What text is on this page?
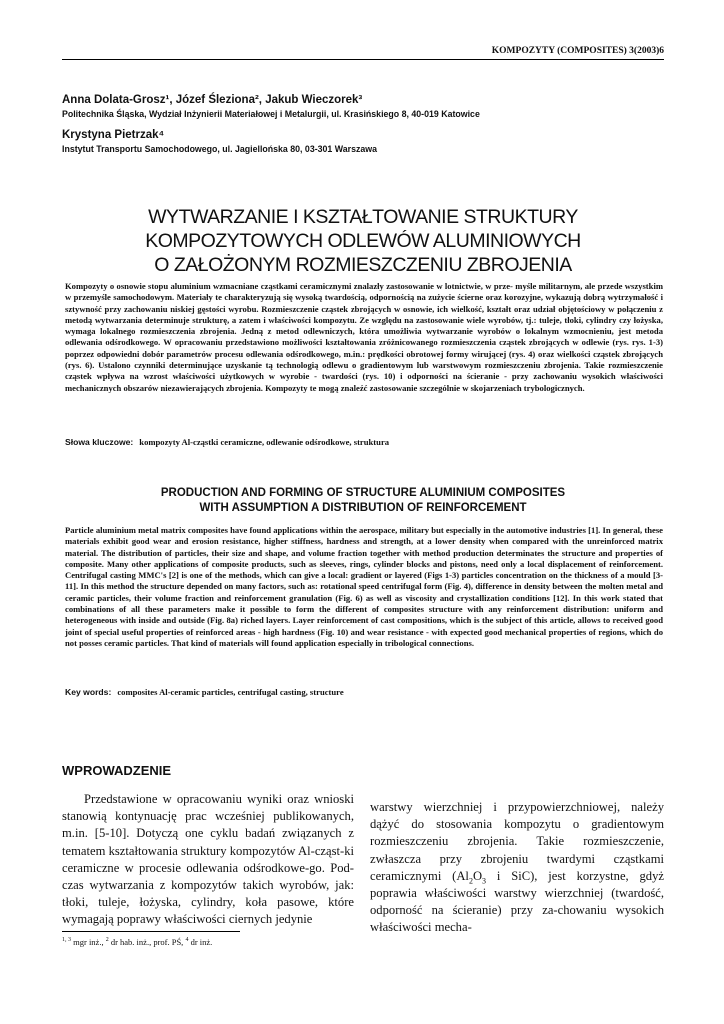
KOMPOZYTY (COMPOSITES) 3(2003)6

Anna Dolata-Grosz¹, Józef Śleziona², Jakub Wieczorek³

Politechnika Śląska, Wydział Inżynierii Materiałowej i Metalurgii, ul. Krasińskiego 8, 40-019 Katowice

Krystyna Pietrzak⁴

Instytut Transportu Samochodowego, ul. Jagiellońska 80, 03-301 Warszawa

WYTWARZANIE I KSZTAŁTOWANIE STRUKTURY
KOMPOZYTOWYCH ODLEWÓW ALUMINIOWYCH
O ZAŁOŻONYM ROZMIESZCZENIU ZBROJENIA

Kompozyty o osnowie stopu aluminium wzmacniane cząstkami ceramicznymi znalazły zastosowanie w lotnictwie, w prze- myśle militarnym, ale przede wszystkim w przemyśle samochodowym. Materiały te charakteryzują się wysoką twardością, odpornością na zużycie ścierne oraz korozyjne, wykazują dobrą wytrzymałość i sztywność przy zachowaniu niskiej gęstości wyrobu. Rozmieszczenie cząstek zbrojących w osnowie, ich wielkość, kształt oraz udział objętościowy w połączeniu z metodą wytwarzania determinuje strukturę, a zatem i właściwości kompozytu. Ze względu na zastosowanie wiele wyrobów, tj.: tuleje, tłoki, cylindry czy łożyska, wymaga lokalnego rozmieszczenia zbrojenia. Jedną z metod odlewniczych, która umożliwia wytwarzanie wyrobów o lokalnym wzmocnieniu, jest metoda odlewania odśrodkowego. W opracowaniu przedstawiono możliwości kształtowania zróżnicowanego rozmieszczenia cząstek zbrojących w odlewie (rys. rys. 1-3) poprzez odpowiedni dobór parametrów procesu odlewania odśrodkowego, m.in.: prędkości obrotowej formy wirującej (rys. 4) oraz wielkości cząstek zbrojących (rys. 6). Ustalono czynniki determinujące uzyskanie tą technologią odlewu o gradientowym lub warstwowym rozmieszczeniu zbrojenia. Takie rozmieszczenie cząstek wpływa na wzrost właściwości użytkowych w wyrobie - twardości (rys. 10) i odporności na ścieranie - przy zachowaniu wysokich właściwości mechanicznych obszarów niezawierających zbrojenia. Kompozyty te mogą znaleźć zastosowanie szczególnie w skojarzeniach trybologicznych.

Słowa kluczowe: kompozyty Al-cząstki ceramiczne, odlewanie odśrodkowe, struktura
PRODUCTION AND FORMING OF STRUCTURE ALUMINIUM COMPOSITES
WITH ASSUMPTION A DISTRIBUTION OF REINFORCEMENT

Particle aluminium metal matrix composites have found applications within the aerospace, military but especially in the automotive industries [1]. In general, these materials exhibit good wear and erosion resistance, higher stiffness, hardness and strength, at a lower density when compared with the unreinforced matrix material. The distribution of particles, their size and shape, and volume fraction together with method production determinates the structure and properties of composite. Many other applications of composite products, such as sleeves, rings, cylinder blocks and pistons, need only a local displacement of reinforcement. Centrifugal casting MMC's [2] is one of the methods, which can give a local: gradient or layered (Figs 1-3) particles concentration on the thickness of a mould [3-11]. In this method the structure depended on many factors, such as: rotational speed centrifugal form (Fig. 4), difference in density between the molten metal and ceramic particles, their volume fraction and reinforcement granulation (Fig. 6) as well as viscosity and crystallization conditions [12]. In this work stated that combinations of all these parameters make it possible to form the different of composites structure with any reinforcement distribution: uniform and heterogeneous with inside and outside (Fig. 8a) riched layers. Layer reinforcement of cast compositions, which is the subject of this article, allows to received good joint of special useful properties of reinforced areas - high hardness (Fig. 10) and wear resistance - with expected good mechanical properties of regions, which do not posses ceramic particles. That kind of materials will found application especially in tribological connections.

Key words: composites Al-ceramic particles, centrifugal casting, structure
WPROWADZENIE

Przedstawione w opracowaniu wyniki oraz wnioski stanowią kontynuację prac wcześniej publikowanych, m.in. [5-10]. Dotyczą one cyklu badań związanych z tematem kształtowania struktury kompozytów Al-cząst-ki ceramiczne w procesie odlewania odśrodkowe-go. Pod-czas wytwarzania z kompozytów takich wyrobów, jak: tłoki, tuleje, łożyska, cylindry, koła pasowe, które wymagają poprawy właściwości ciernych jedynie

warstwy wierzchniej i przypowierzchniowej, należy dążyć do stosowania kompozytu o gradientowym rozmieszczeniu zbrojenia. Takie rozmieszczenie, zwłaszcza przy zbrojeniu twardymi cząstkami ceramicznymi ($Al_2O_3$ i SiC), jest korzystne, gdyż poprawia właściwości warstwy wierzchniej (twardość, odporność na ścieranie) przy za-chowaniu wysokich właściwości mecha-

$^{1, 3}$ mgr inż., $^2$ dr hab. inż., prof. PŚ, $^4$ dr inż.
